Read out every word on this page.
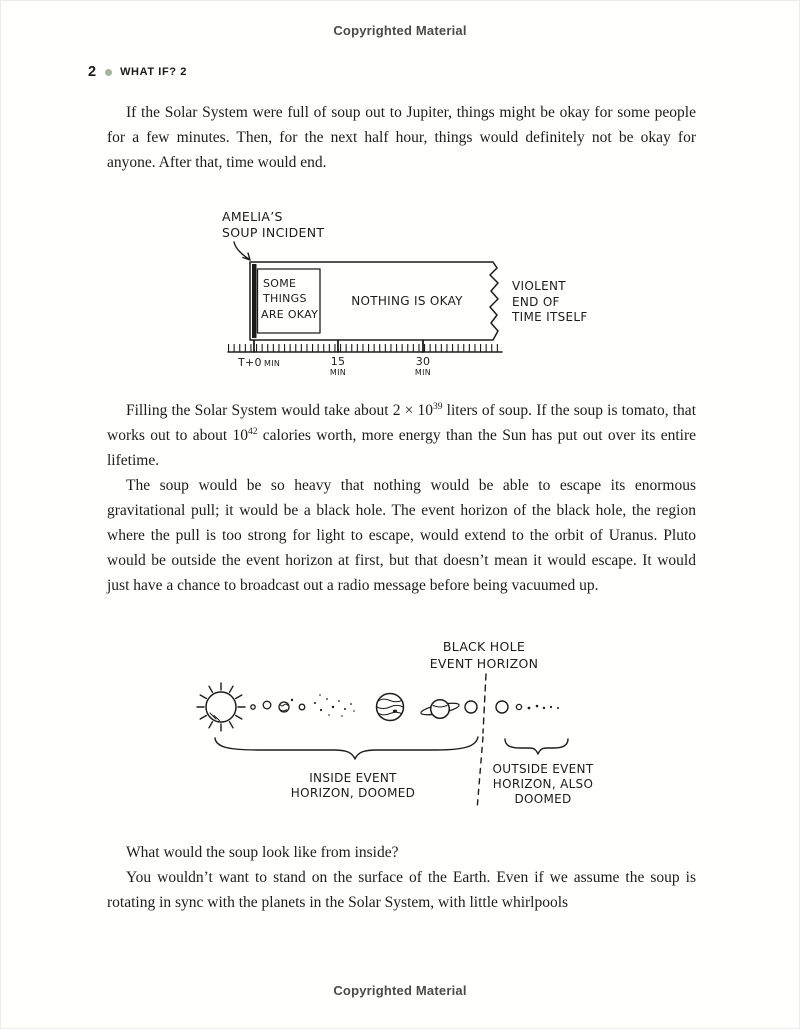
Copyrighted Material
2 WHAT IF? 2

If the Solar System were full of soup out to Jupiter, things might be okay for some people for a few minutes. Then, for the next half hour, things would definitely not be okay for anyone. After that, time would end.

AMELIA’S
SOUP INCIDENT
SOME
THINGS
ARE OKAY
NOTHING IS OKAY
VIOLENT
END OF
TIME ITSELF
T+0 MIN	15
MIN
30
MIN

Filling the Solar System would take about $2 \times 10^{39}$ liters of soup. If the soup is tomato, that works out to about $10^{42}$ calories worth, more energy than the Sun has put out over its entire lifetime.

The soup would be so heavy that nothing would be able to escape its enormous gravitational pull; it would be a black hole. The event horizon of the black hole, the region where the pull is too strong for light to escape, would extend to the orbit of Uranus. Pluto would be outside the event horizon at first, but that doesn’t mean it would escape. It would just have a chance to broadcast out a radio message before being vacuumed up.

BLACK HOLE
EVENT HORIZON
INSIDE EVENT
HORIZON, DOOMED
OUTSIDE EVENT
HORIZON, ALSO
DOOMED

What would the soup look like from inside?

You wouldn’t want to stand on the surface of the Earth. Even if we assume the soup is rotating in sync with the planets in the Solar System, with little whirlpools

Copyrighted Material
